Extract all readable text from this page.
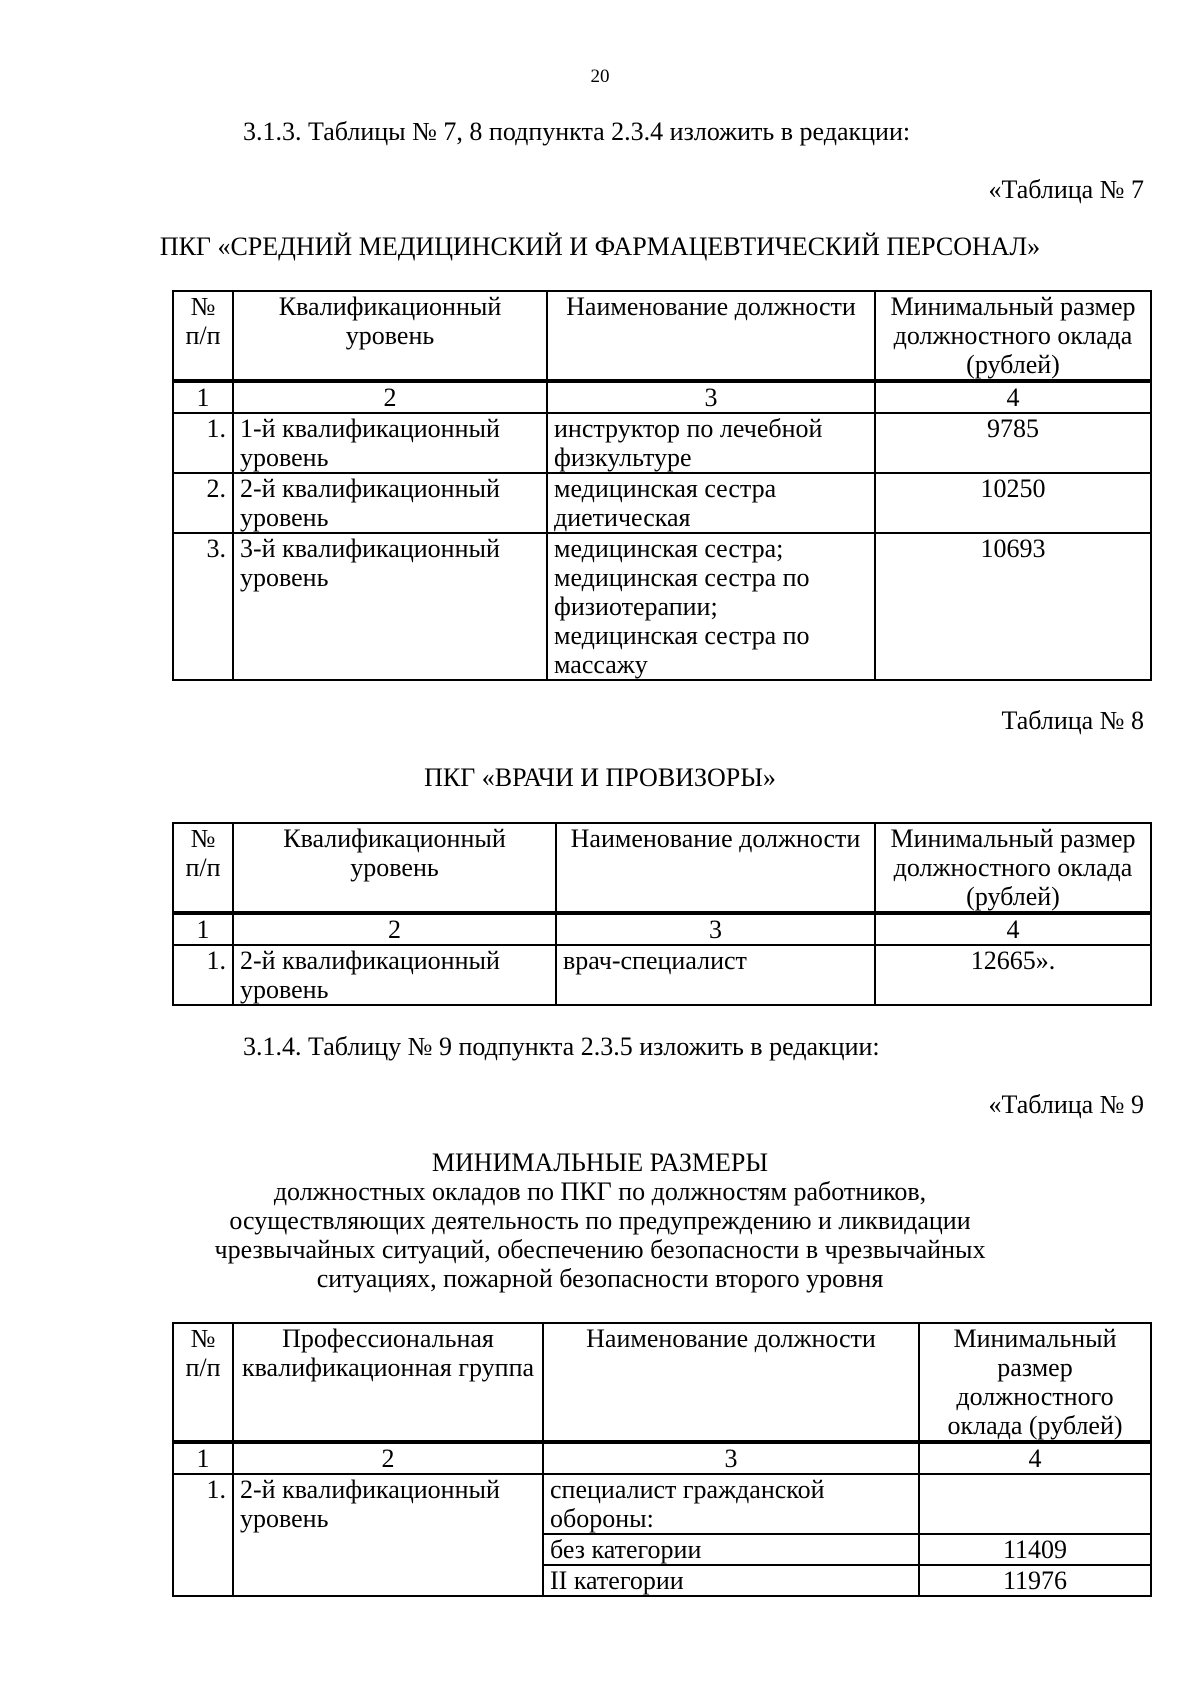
20
3.1.3. Таблицы № 7, 8 подпункта 2.3.4 изложить в редакции:
«Таблица № 7
ПКГ «СРЕДНИЙ МЕДИЦИНСКИЙ И ФАРМАЦЕВТИЧЕСКИЙ ПЕРСОНАЛ»
№ п/п	Квалификационный уровень	Наименование должности	Минимальный размер должностного оклада (рублей)
1	2	3	4
1.	1-й квалификационный уровень	инструктор по лечебной физкультуре	9785
2.	2-й квалификационный уровень	медицинская сестра диетическая	10250
3.	3-й квалификационный уровень	медицинская сестра; медицинская сестра по физиотерапии; медицинская сестра по массажу	10693
Таблица № 8
ПКГ «ВРАЧИ И ПРОВИЗОРЫ»
№ п/п	Квалификационный уровень	Наименование должности	Минимальный размер должностного оклада (рублей)
1	2	3	4
1.	2-й квалификационный уровень	врач-специалист	12665».
3.1.4. Таблицу № 9 подпункта 2.3.5 изложить в редакции:
«Таблица № 9
МИНИМАЛЬНЫЕ РАЗМЕРЫ
должностных окладов по ПКГ по должностям работников,
осуществляющих деятельность по предупреждению и ликвидации
чрезвычайных ситуаций, обеспечению безопасности в чрезвычайных
ситуациях, пожарной безопасности второго уровня
№ п/п	Профессиональная квалификационная группа	Наименование должности	Минимальный размер должностного оклада (рублей)
1	2	3	4
1.	2-й квалификационный уровень	специалист гражданской обороны:	
		без категории	11409
		II категории	11976
